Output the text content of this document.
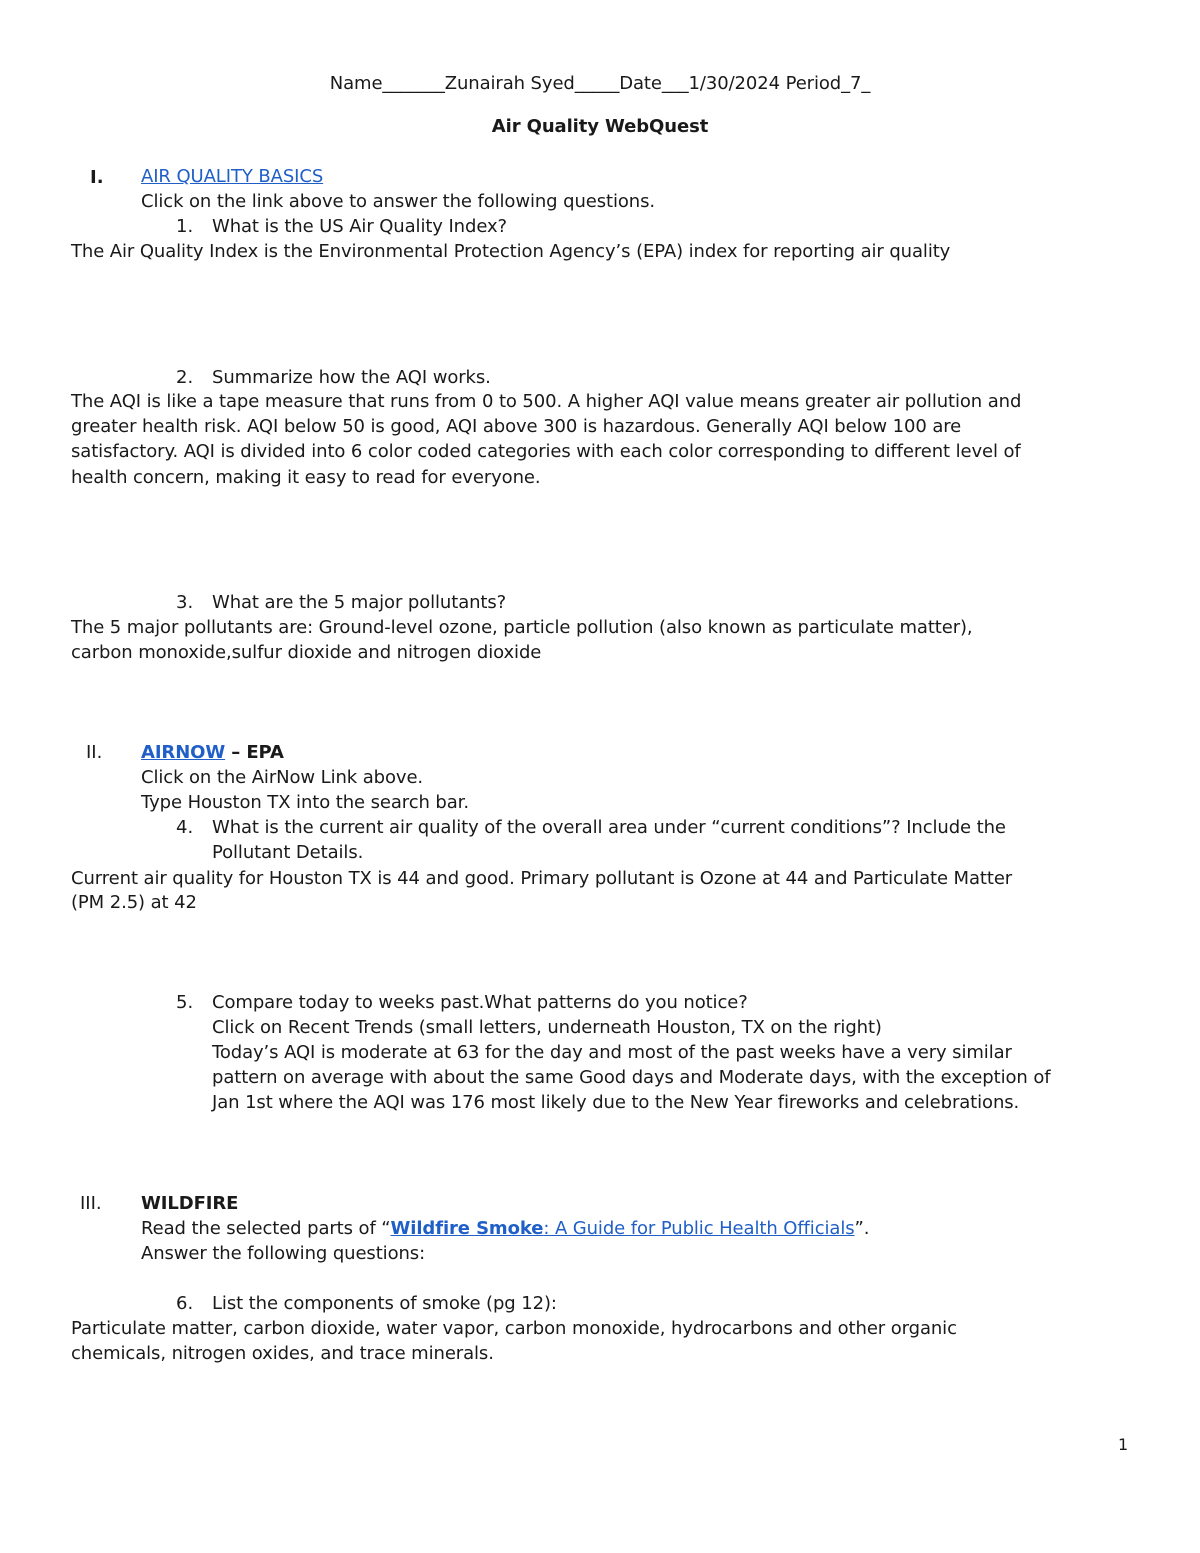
Name_______Zunairah Syed_____Date___1/30/2024 Period_7_
Air Quality WebQuest
I. AIR QUALITY BASICS
Click on the link above to answer the following questions.
1. What is the US Air Quality Index?
The Air Quality Index is the Environmental Protection Agency’s (EPA) index for reporting air quality
2. Summarize how the AQI works.
The AQI is like a tape measure that runs from 0 to 500. A higher AQI value means greater air pollution and
greater health risk. AQI below 50 is good, AQI above 300 is hazardous. Generally AQI below 100 are
satisfactory. AQI is divided into 6 color coded categories with each color corresponding to different level of
health concern, making it easy to read for everyone.
3. What are the 5 major pollutants?
The 5 major pollutants are: Ground-level ozone, particle pollution (also known as particulate matter),
carbon monoxide,sulfur dioxide and nitrogen dioxide
II. AIRNOW – EPA
Click on the AirNow Link above.
Type Houston TX into the search bar.
4. What is the current air quality of the overall area under “current conditions”? Include the
Pollutant Details.
Current air quality for Houston TX is 44 and good. Primary pollutant is Ozone at 44 and Particulate Matter
(PM 2.5) at 42
5. Compare today to weeks past.What patterns do you notice?
Click on Recent Trends (small letters, underneath Houston, TX on the right)
Today’s AQI is moderate at 63 for the day and most of the past weeks have a very similar
pattern on average with about the same Good days and Moderate days, with the exception of
Jan 1st where the AQI was 176 most likely due to the New Year fireworks and celebrations.
III. WILDFIRE
Read the selected parts of “Wildfire Smoke: A Guide for Public Health Officials”.
Answer the following questions:
6. List the components of smoke (pg 12):
Particulate matter, carbon dioxide, water vapor, carbon monoxide, hydrocarbons and other organic
chemicals, nitrogen oxides, and trace minerals.
1
